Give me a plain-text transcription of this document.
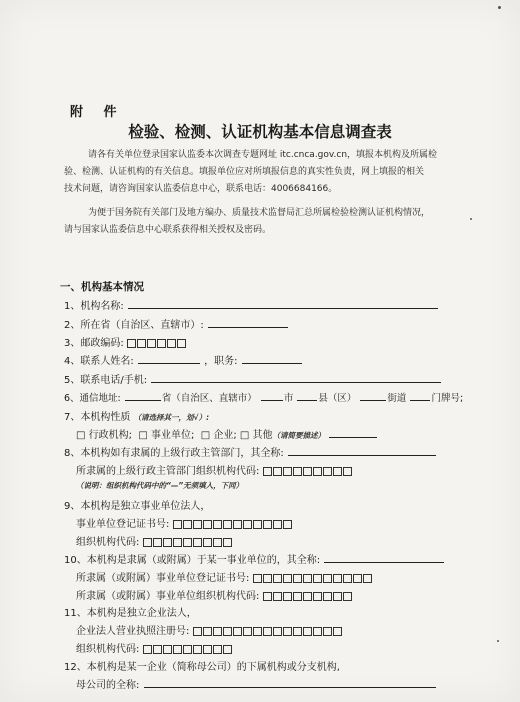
附 件
检验、检测、认证机构基本信息调查表
请各有关单位登录国家认监委本次调查专题网址 itc.cnca.gov.cn，填报本机构及所属检
验、检测、认证机构的有关信息。填报单位应对所填报信息的真实性负责，网上填报的相关
技术问题，请咨询国家认监委信息中心，联系电话：4006684166。
为便于国务院有关部门及地方编办、质量技术监督局汇总所属检验检测认证机构情况，
请与国家认监委信息中心联系获得相关授权及密码。
一、机构基本情况
1、机构名称:
2、所在省（自治区、直辖市）:
3、邮政编码:
4、联系人姓名:	，职务:
5、联系电话/手机:
6、通信地址:	省（自治区、直辖市）	市	县（区）	街道	门牌号;
7、本机构性质 （请选择其一，划√）:
□ 行政机构; □ 事业单位; □ 企业; □ 其他（请简要描述）
8、本机构如有隶属的上级行政主管部门，其全称:
所隶属的上级行政主管部门组织机构代码:
（说明：组织机构代码中的“—”无须填入，下同）
9、本机构是独立事业单位法人，
事业单位登记证书号:
组织机构代码:
10、本机构是隶属（或附属）于某一事业单位的，其全称:
所隶属（或附属）事业单位登记证书号:
所隶属（或附属）事业单位组织机构代码:
11、本机构是独立企业法人，
企业法人营业执照注册号:
组织机构代码:
12、本机构是某一企业（简称母公司）的下属机构或分支机构,
母公司的全称:
